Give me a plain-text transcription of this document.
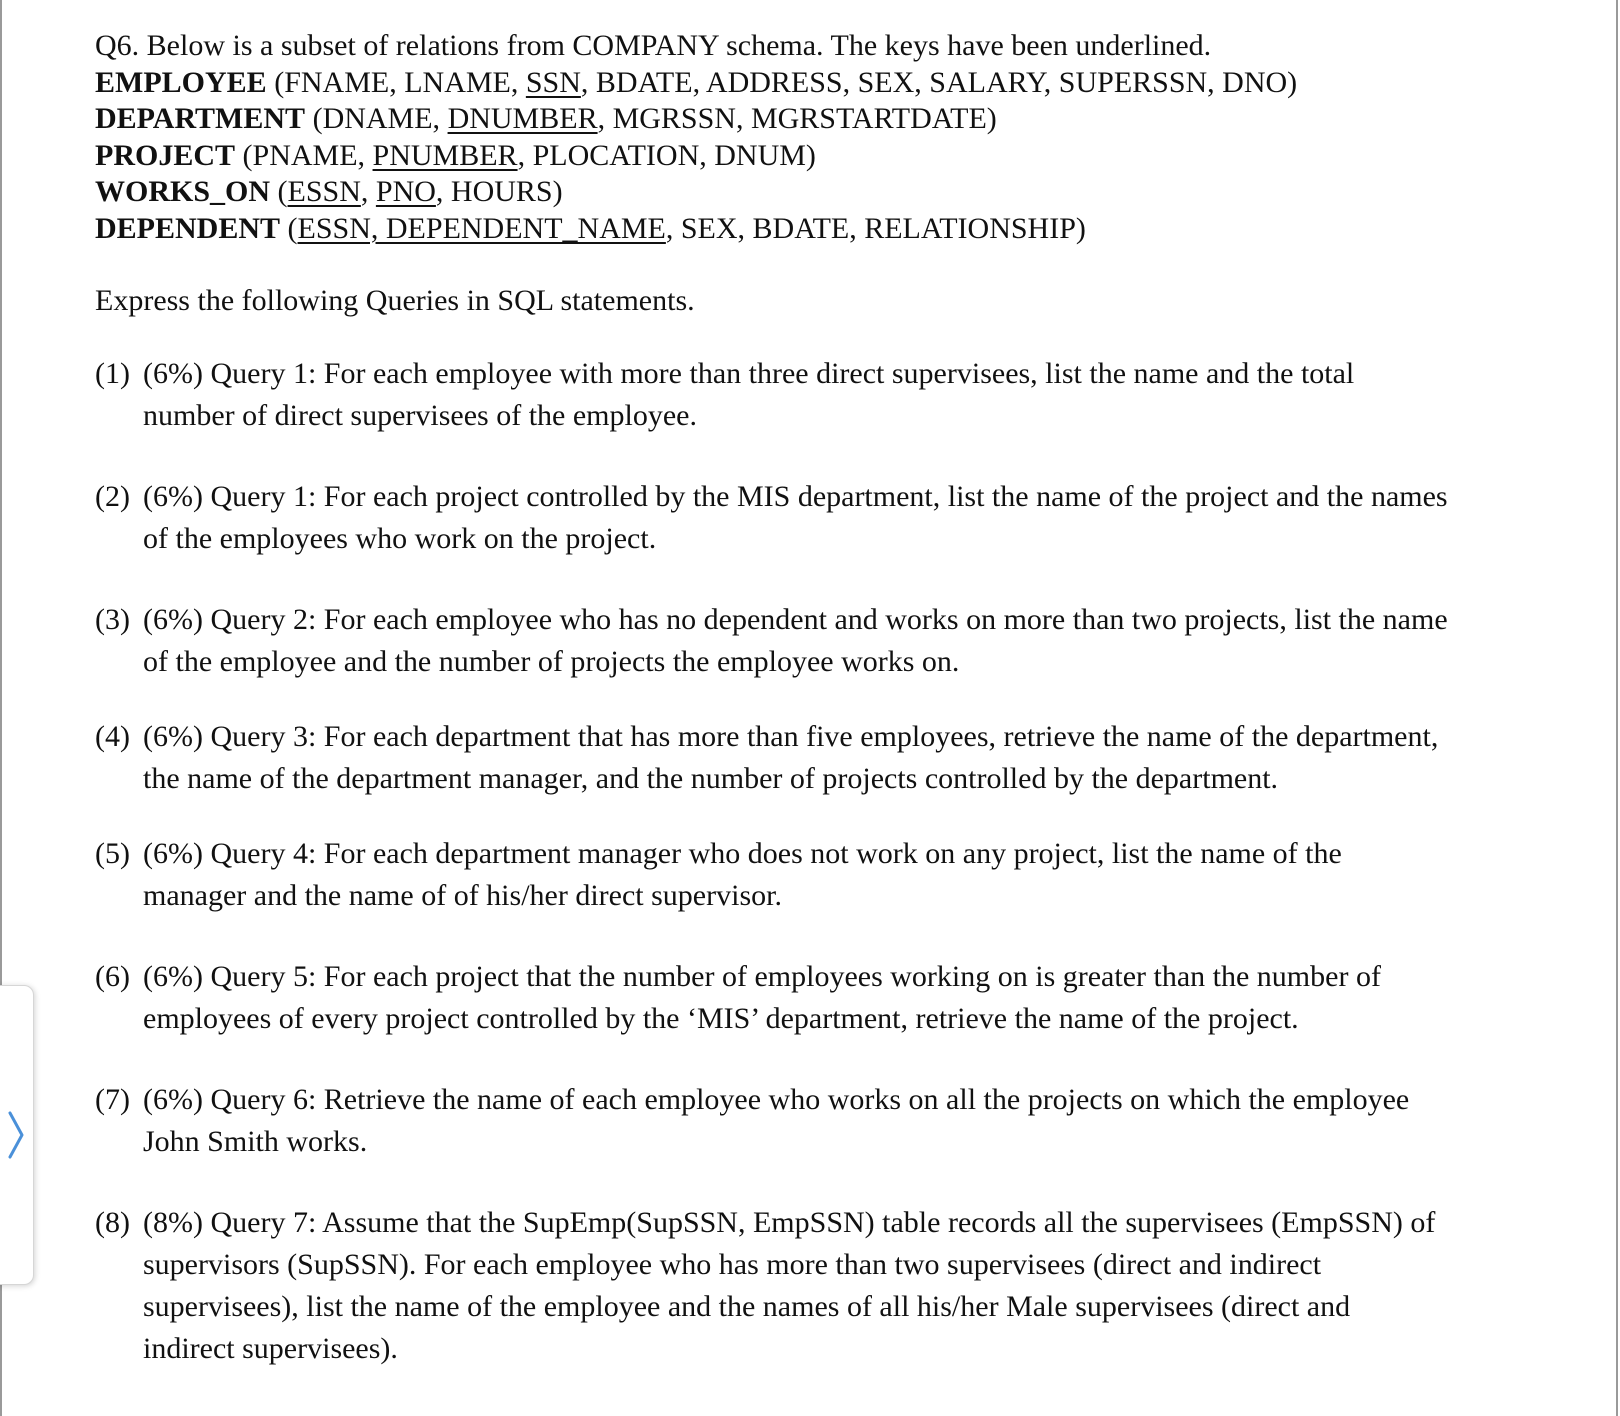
Q6. Below is a subset of relations from COMPANY schema. The keys have been underlined.
EMPLOYEE (FNAME, LNAME, SSN, BDATE, ADDRESS, SEX, SALARY, SUPERSSN, DNO)
DEPARTMENT (DNAME, DNUMBER, MGRSSN, MGRSTARTDATE)
PROJECT (PNAME, PNUMBER, PLOCATION, DNUM)
WORKS_ON (ESSN, PNO, HOURS)
DEPENDENT (ESSN, DEPENDENT_NAME, SEX, BDATE, RELATIONSHIP)
Express the following Queries in SQL statements.
(1) (6%) Query 1: For each employee with more than three direct supervisees, list the name and the total
number of direct supervisees of the employee.
(2) (6%) Query 1: For each project controlled by the MIS department, list the name of the project and the names
of the employees who work on the project.
(3) (6%) Query 2: For each employee who has no dependent and works on more than two projects, list the name
of the employee and the number of projects the employee works on.
(4) (6%) Query 3: For each department that has more than five employees, retrieve the name of the department,
the name of the department manager, and the number of projects controlled by the department.
(5) (6%) Query 4: For each department manager who does not work on any project, list the name of the
manager and the name of of his/her direct supervisor.
(6) (6%) Query 5: For each project that the number of employees working on is greater than the number of
employees of every project controlled by the ‘MIS’ department, retrieve the name of the project.
(7) (6%) Query 6: Retrieve the name of each employee who works on all the projects on which the employee
John Smith works.
(8) (8%) Query 7: Assume that the SupEmp(SupSSN, EmpSSN) table records all the supervisees (EmpSSN) of
supervisors (SupSSN). For each employee who has more than two supervisees (direct and indirect
supervisees), list the name of the employee and the names of all his/her Male supervisees (direct and
indirect supervisees).
